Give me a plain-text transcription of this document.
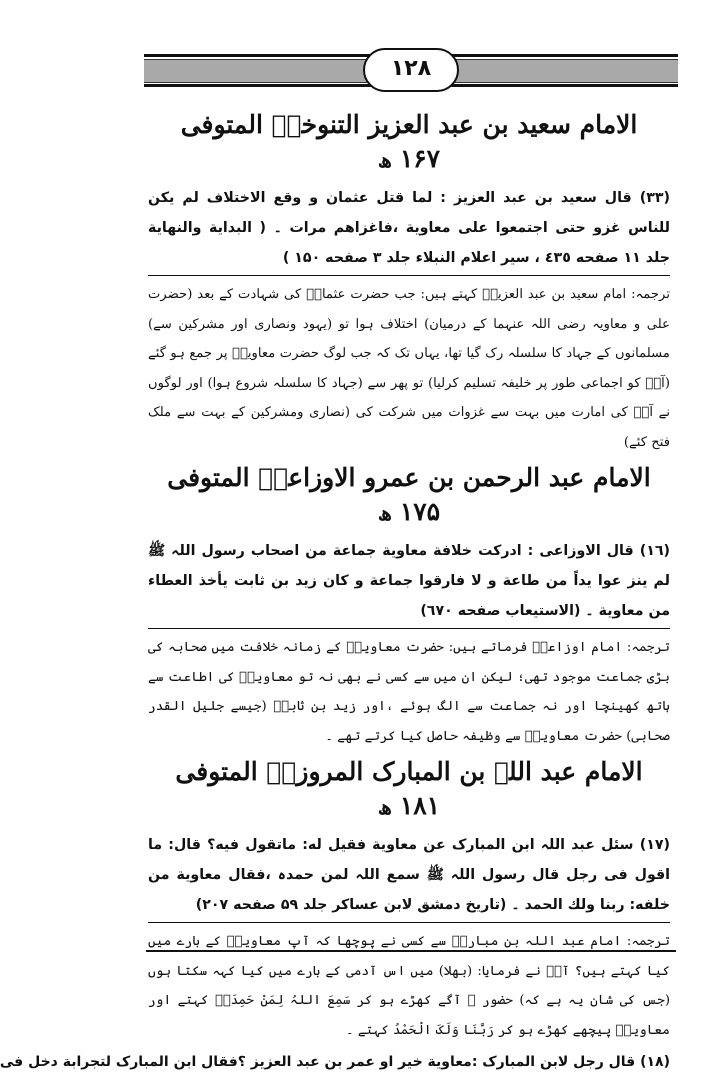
۱۲۸
الامام سعید بن عبد العزیز التنوخیؒ المتوفی ۱۶۷ھ

(۳۳) قال سعید بن عبد العزیز : لما قتل عثمان و وقع الاختلاف لم یکن للناس غزو حتی اجتمعوا علی معاویة ،فاغزاھم مرات ۔ ( البدایة والنھایة جلد ۱۱ صفحه ٤٣٥ ، سیر اعلام النبلاء جلد ۳ صفحه ۱۵۰ )

ترجمہ: امام سعید بن عبد العزیزؒ کہتے ہیں: جب حضرت عثمانؓ کی شہادت کے بعد (حضرت علی و معاویہ رضی اللہ عنہما کے درمیان) اختلاف ہوا تو (یہود ونصاری اور مشرکین سے) مسلمانوں کے جہاد کا سلسلہ رک گیا تھا، یہاں تک کہ جب لوگ حضرت معاویہؓ پر جمع ہو گئے (آپؓ کو اجماعی طور پر خلیفہ تسلیم کرلیا) تو پھر سے (جہاد کا سلسلہ شروع ہوا) اور لوگوں نے آپؓ کی امارت میں بہت سے غزوات میں شرکت کی (نصاری ومشرکین کے بہت سے ملک فتح کئے)

الامام عبد الرحمن بن عمرو الاوزاعیؒ المتوفی ۱۷۵ھ

(۱٦) قال الاوزاعی : ادرکت خلافة معاویة جماعة من اصحاب رسول اللہ ﷺ لم ینز عوا یداً من طاعة و لا فارقوا جماعة و کان زید بن ثابت یأخذ العطاء من معاویة ۔ (الاستیعاب صفحه ٦٧٠)

ترجمہ: امام اوزاعیؒ فرماتے ہیں: حضرت معاویہؓ کے زمانہ خلافت میں صحابہ کی بڑی جماعت موجود تھی؛ لیکن ان میں سے کسی نے بھی نہ تو معاویہؓ کی اطاعت سے ہاتھ کھینچا اور نہ جماعت سے الگ ہوئے ،اور زید بن ثابتؓ (جیسے جلیل القدر صحابی) حضرت معاویہؓ سے وظیفہ حاصل کیا کرتے تھے ۔

الامام عبد اللہ بن المبارک المروزیؒ المتوفی ۱۸۱ھ

(۱۷) سئل عبد اللہ ابن المبارک عن معاویة فقیل له: ماتقول فیه؟ قال: ما اقول فی رجل قال رسول اللہ ﷺ سمع اللہ لمن حمدہ ،فقال معاویة من خلفه: ربنا ولك الحمد ۔ (تاریخ دمشق لابن عساکر جلد ۵۹ صفحه ۲۰۷)

ترجمہ: امام عبد اللہ بن مبارکؒ سے کسی نے پوچھا کہ آپ معاویہؓ کے بارے میں کیا کہتے ہیں؟ آپؒ نے فرمایا: (بھلا) میں اس آدمی کے بارے میں کیا کہہ سکتا ہوں (جس کی شان یہ ہے کہ) حضور ﷺ آگے کھڑے ہو کر سَمِعَ اللہُ لِمَنْ حَمِدَہٗ کہتے اور معاویہؓ پیچھے کھڑے ہو کر رَبَّنَا وَلَکَ الْحَمْدُ کہتے ۔

(۱۸) قال رجل لابن المبارک :معاویة خیر او عمر بن عبد العزیز ؟فقال ابن المبارک لتجرابة دخل فی
